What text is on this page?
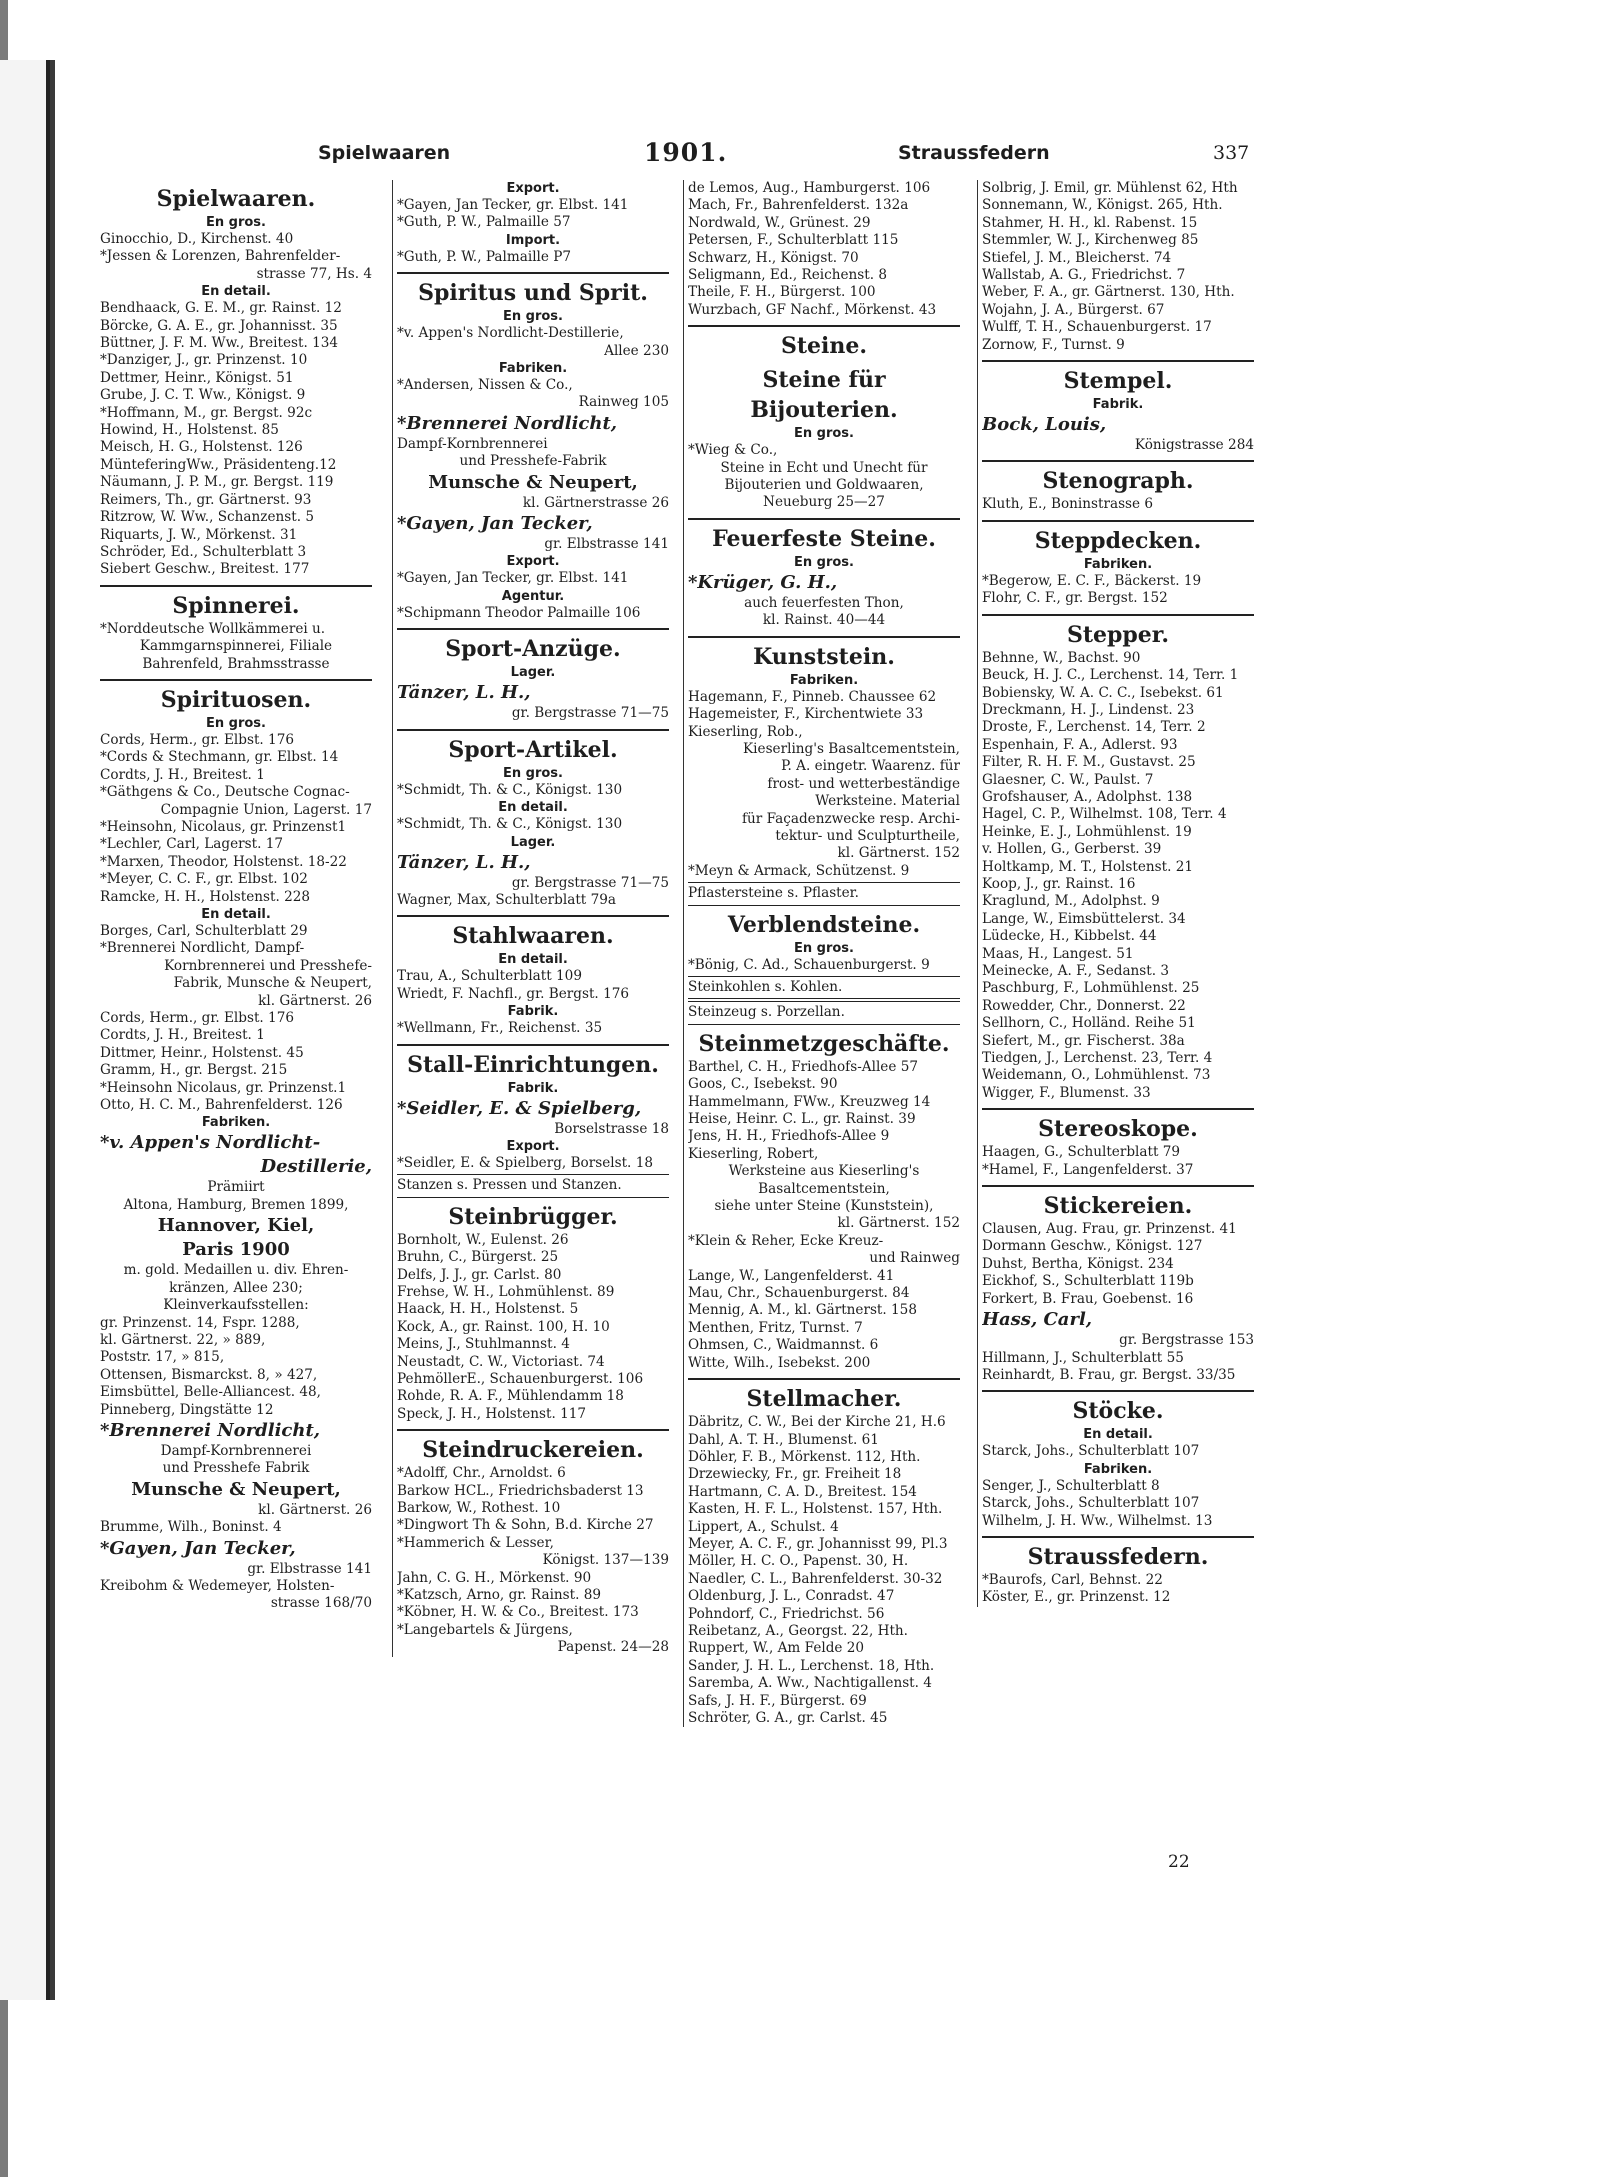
Spielwaaren	1901.	Straussfedern	337
Spielwaaren.
En gros.
Ginocchio, D., Kirchenst. 40
*Jessen & Lorenzen, Bahrenfelder-
strasse 77, Hs. 4
En detail.
Bendhaack, G. E. M., gr. Rainst. 12
Börcke, G. A. E., gr. Johannisst. 35
Büttner, J. F. M. Ww., Breitest. 134
*Danziger, J., gr. Prinzenst. 10
Dettmer, Heinr., Königst. 51
Grube, J. C. T. Ww., Königst. 9
*Hoffmann, M., gr. Bergst. 92c
Howind, H., Holstenst. 85
Meisch, H. G., Holstenst. 126
MünteferingWw., Präsidenteng.12
Näumann, J. P. M., gr. Bergst. 119
Reimers, Th., gr. Gärtnerst. 93
Ritzrow, W. Ww., Schanzenst. 5
Riquarts, J. W., Mörkenst. 31
Schröder, Ed., Schulterblatt 3
Siebert Geschw., Breitest. 177
Spinnerei.
*Norddeutsche Wollkämmerei u.
Kammgarnspinnerei, Filiale
Bahrenfeld, Brahmsstrasse
Spirituosen.
En gros.
Cords, Herm., gr. Elbst. 176
*Cords & Stechmann, gr. Elbst. 14
Cordts, J. H., Breitest. 1
*Gäthgens & Co., Deutsche Cognac-
Compagnie Union, Lagerst. 17
*Heinsohn, Nicolaus, gr. Prinzenst1
*Lechler, Carl, Lagerst. 17
*Marxen, Theodor, Holstenst. 18-22
*Meyer, C. C. F., gr. Elbst. 102
Ramcke, H. H., Holstenst. 228
En detail.
Borges, Carl, Schulterblatt 29
*Brennerei Nordlicht, Dampf-
Kornbrennerei und Presshefe-
Fabrik, Munsche & Neupert,
kl. Gärtnerst. 26
Cords, Herm., gr. Elbst. 176
Cordts, J. H., Breitest. 1
Dittmer, Heinr., Holstenst. 45
Gramm, H., gr. Bergst. 215
*Heinsohn Nicolaus, gr. Prinzenst.1
Otto, H. C. M., Bahrenfelderst. 126
Fabriken.
*v. Appen's Nordlicht-
Destillerie,
Prämiirt
Altona, Hamburg, Bremen 1899,
Hannover, Kiel,
Paris 1900
m. gold. Medaillen u. div. Ehren-
kränzen, Allee 230;
Kleinverkaufsstellen:
gr. Prinzenst. 14, Fspr. 1288,
kl. Gärtnerst. 22, » 889,
Poststr. 17, » 815,
Ottensen, Bismarckst. 8, » 427,
Eimsbüttel, Belle-Alliancest. 48,
Pinneberg, Dingstätte 12
*Brennerei Nordlicht,
Dampf-Kornbrennerei
und Presshefe Fabrik
Munsche & Neupert,
kl. Gärtnerst. 26
Brumme, Wilh., Boninst. 4
*Gayen, Jan Tecker,
gr. Elbstrasse 141
Kreibohm & Wedemeyer, Holsten-
strasse 168/70
Export.
*Gayen, Jan Tecker, gr. Elbst. 141
*Guth, P. W., Palmaille 57
Import.
*Guth, P. W., Palmaille P7
Spiritus und Sprit.
En gros.
*v. Appen's Nordlicht-Destillerie,
Allee 230
Fabriken.
*Andersen, Nissen & Co.,
Rainweg 105
*Brennerei Nordlicht,
Dampf-Kornbrennerei
und Presshefe-Fabrik
Munsche & Neupert,
kl. Gärtnerstrasse 26
*Gayen, Jan Tecker,
gr. Elbstrasse 141
Export.
*Gayen, Jan Tecker, gr. Elbst. 141
Agentur.
*Schipmann Theodor Palmaille 106
Sport-Anzüge.
Lager.
Tänzer, L. H.,
gr. Bergstrasse 71—75
Sport-Artikel.
En gros.
*Schmidt, Th. & C., Königst. 130
En detail.
*Schmidt, Th. & C., Königst. 130
Lager.
Tänzer, L. H.,
gr. Bergstrasse 71—75
Wagner, Max, Schulterblatt 79a
Stahlwaaren.
En detail.
Trau, A., Schulterblatt 109
Wriedt, F. Nachfl., gr. Bergst. 176
Fabrik.
*Wellmann, Fr., Reichenst. 35
Stall-Einrichtungen.
Fabrik.
*Seidler, E. & Spielberg,
Borselstrasse 18
Export.
*Seidler, E. & Spielberg, Borselst. 18
Stanzen s. Pressen und Stanzen.
Steinbrügger.
Bornholt, W., Eulenst. 26
Bruhn, C., Bürgerst. 25
Delfs, J. J., gr. Carlst. 80
Frehse, W. H., Lohmühlenst. 89
Haack, H. H., Holstenst. 5
Kock, A., gr. Rainst. 100, H. 10
Meins, J., Stuhlmannst. 4
Neustadt, C. W., Victoriast. 74
PehmöllerE., Schauenburgerst. 106
Rohde, R. A. F., Mühlendamm 18
Speck, J. H., Holstenst. 117
Steindruckereien.
*Adolff, Chr., Arnoldst. 6
Barkow HCL., Friedrichsbaderst 13
Barkow, W., Rothest. 10
*Dingwort Th & Sohn, B.d. Kirche 27
*Hammerich & Lesser,
Königst. 137—139
Jahn, C. G. H., Mörkenst. 90
*Katzsch, Arno, gr. Rainst. 89
*Köbner, H. W. & Co., Breitest. 173
*Langebartels & Jürgens,
Papenst. 24—28
de Lemos, Aug., Hamburgerst. 106
Mach, Fr., Bahrenfelderst. 132a
Nordwald, W., Grünest. 29
Petersen, F., Schulterblatt 115
Schwarz, H., Königst. 70
Seligmann, Ed., Reichenst. 8
Theile, F. H., Bürgerst. 100
Wurzbach, GF Nachf., Mörkenst. 43
Steine.
Steine für Bijouterien.
En gros.
*Wieg & Co.,
Steine in Echt und Unecht für
Bijouterien und Goldwaaren,
Neueburg 25—27
Feuerfeste Steine.
En gros.
*Krüger, G. H.,
auch feuerfesten Thon,
kl. Rainst. 40—44
Kunststein.
Fabriken.
Hagemann, F., Pinneb. Chaussee 62
Hagemeister, F., Kirchentwiete 33
Kieserling, Rob.,
Kieserling's Basaltcementstein,
P. A. eingetr. Waarenz. für
frost- und wetterbeständige
Werksteine. Material
für Façadenzwecke resp. Archi-
tektur- und Sculpturtheile,
kl. Gärtnerst. 152
*Meyn & Armack, Schützenst. 9
Pflastersteine s. Pflaster.
Verblendsteine.
En gros.
*Bönig, C. Ad., Schauenburgerst. 9
Steinkohlen s. Kohlen.
Steinzeug s. Porzellan.
Steinmetzgeschäfte.
Barthel, C. H., Friedhofs-Allee 57
Goos, C., Isebekst. 90
Hammelmann, FWw., Kreuzweg 14
Heise, Heinr. C. L., gr. Rainst. 39
Jens, H. H., Friedhofs-Allee 9
Kieserling, Robert,
Werksteine aus Kieserling's
Basaltcementstein,
siehe unter Steine (Kunststein),
kl. Gärtnerst. 152
*Klein & Reher, Ecke Kreuz-
und Rainweg
Lange, W., Langenfelderst. 41
Mau, Chr., Schauenburgerst. 84
Mennig, A. M., kl. Gärtnerst. 158
Menthen, Fritz, Turnst. 7
Ohmsen, C., Waidmannst. 6
Witte, Wilh., Isebekst. 200
Stellmacher.
Däbritz, C. W., Bei der Kirche 21, H.6
Dahl, A. T. H., Blumenst. 61
Döhler, F. B., Mörkenst. 112, Hth.
Drzewiecky, Fr., gr. Freiheit 18
Hartmann, C. A. D., Breitest. 154
Kasten, H. F. L., Holstenst. 157, Hth.
Lippert, A., Schulst. 4
Meyer, A. C. F., gr. Johannisst 99, Pl.3
Möller, H. C. O., Papenst. 30, H.
Naedler, C. L., Bahrenfelderst. 30-32
Oldenburg, J. L., Conradst. 47
Pohndorf, C., Friedrichst. 56
Reibetanz, A., Georgst. 22, Hth.
Ruppert, W., Am Felde 20
Sander, J. H. L., Lerchenst. 18, Hth.
Saremba, A. Ww., Nachtigallenst. 4
Safs, J. H. F., Bürgerst. 69
Schröter, G. A., gr. Carlst. 45
Solbrig, J. Emil, gr. Mühlenst 62, Hth
Sonnemann, W., Königst. 265, Hth.
Stahmer, H. H., kl. Rabenst. 15
Stemmler, W. J., Kirchenweg 85
Stiefel, J. M., Bleicherst. 74
Wallstab, A. G., Friedrichst. 7
Weber, F. A., gr. Gärtnerst. 130, Hth.
Wojahn, J. A., Bürgerst. 67
Wulff, T. H., Schauenburgerst. 17
Zornow, F., Turnst. 9
Stempel.
Fabrik.
Bock, Louis,
Königstrasse 284
Stenograph.
Kluth, E., Boninstrasse 6
Steppdecken.
Fabriken.
*Begerow, E. C. F., Bäckerst. 19
Flohr, C. F., gr. Bergst. 152
Stepper.
Behnne, W., Bachst. 90
Beuck, H. J. C., Lerchenst. 14, Terr. 1
Bobiensky, W. A. C. C., Isebekst. 61
Dreckmann, H. J., Lindenst. 23
Droste, F., Lerchenst. 14, Terr. 2
Espenhain, F. A., Adlerst. 93
Filter, R. H. F. M., Gustavst. 25
Glaesner, C. W., Paulst. 7
Grofshauser, A., Adolphst. 138
Hagel, C. P., Wilhelmst. 108, Terr. 4
Heinke, E. J., Lohmühlenst. 19
v. Hollen, G., Gerberst. 39
Holtkamp, M. T., Holstenst. 21
Koop, J., gr. Rainst. 16
Kraglund, M., Adolphst. 9
Lange, W., Eimsbüttelerst. 34
Lüdecke, H., Kibbelst. 44
Maas, H., Langest. 51
Meinecke, A. F., Sedanst. 3
Paschburg, F., Lohmühlenst. 25
Rowedder, Chr., Donnerst. 22
Sellhorn, C., Holländ. Reihe 51
Siefert, M., gr. Fischerst. 38a
Tiedgen, J., Lerchenst. 23, Terr. 4
Weidemann, O., Lohmühlenst. 73
Wigger, F., Blumenst. 33
Stereoskope.
Haagen, G., Schulterblatt 79
*Hamel, F., Langenfelderst. 37
Stickereien.
Clausen, Aug. Frau, gr. Prinzenst. 41
Dormann Geschw., Königst. 127
Duhst, Bertha, Königst. 234
Eickhof, S., Schulterblatt 119b
Forkert, B. Frau, Goebenst. 16
Hass, Carl,
gr. Bergstrasse 153
Hillmann, J., Schulterblatt 55
Reinhardt, B. Frau, gr. Bergst. 33/35
Stöcke.
En detail.
Starck, Johs., Schulterblatt 107
Fabriken.
Senger, J., Schulterblatt 8
Starck, Johs., Schulterblatt 107
Wilhelm, J. H. Ww., Wilhelmst. 13
Straussfedern.
*Baurofs, Carl, Behnst. 22
Köster, E., gr. Prinzenst. 12
22
